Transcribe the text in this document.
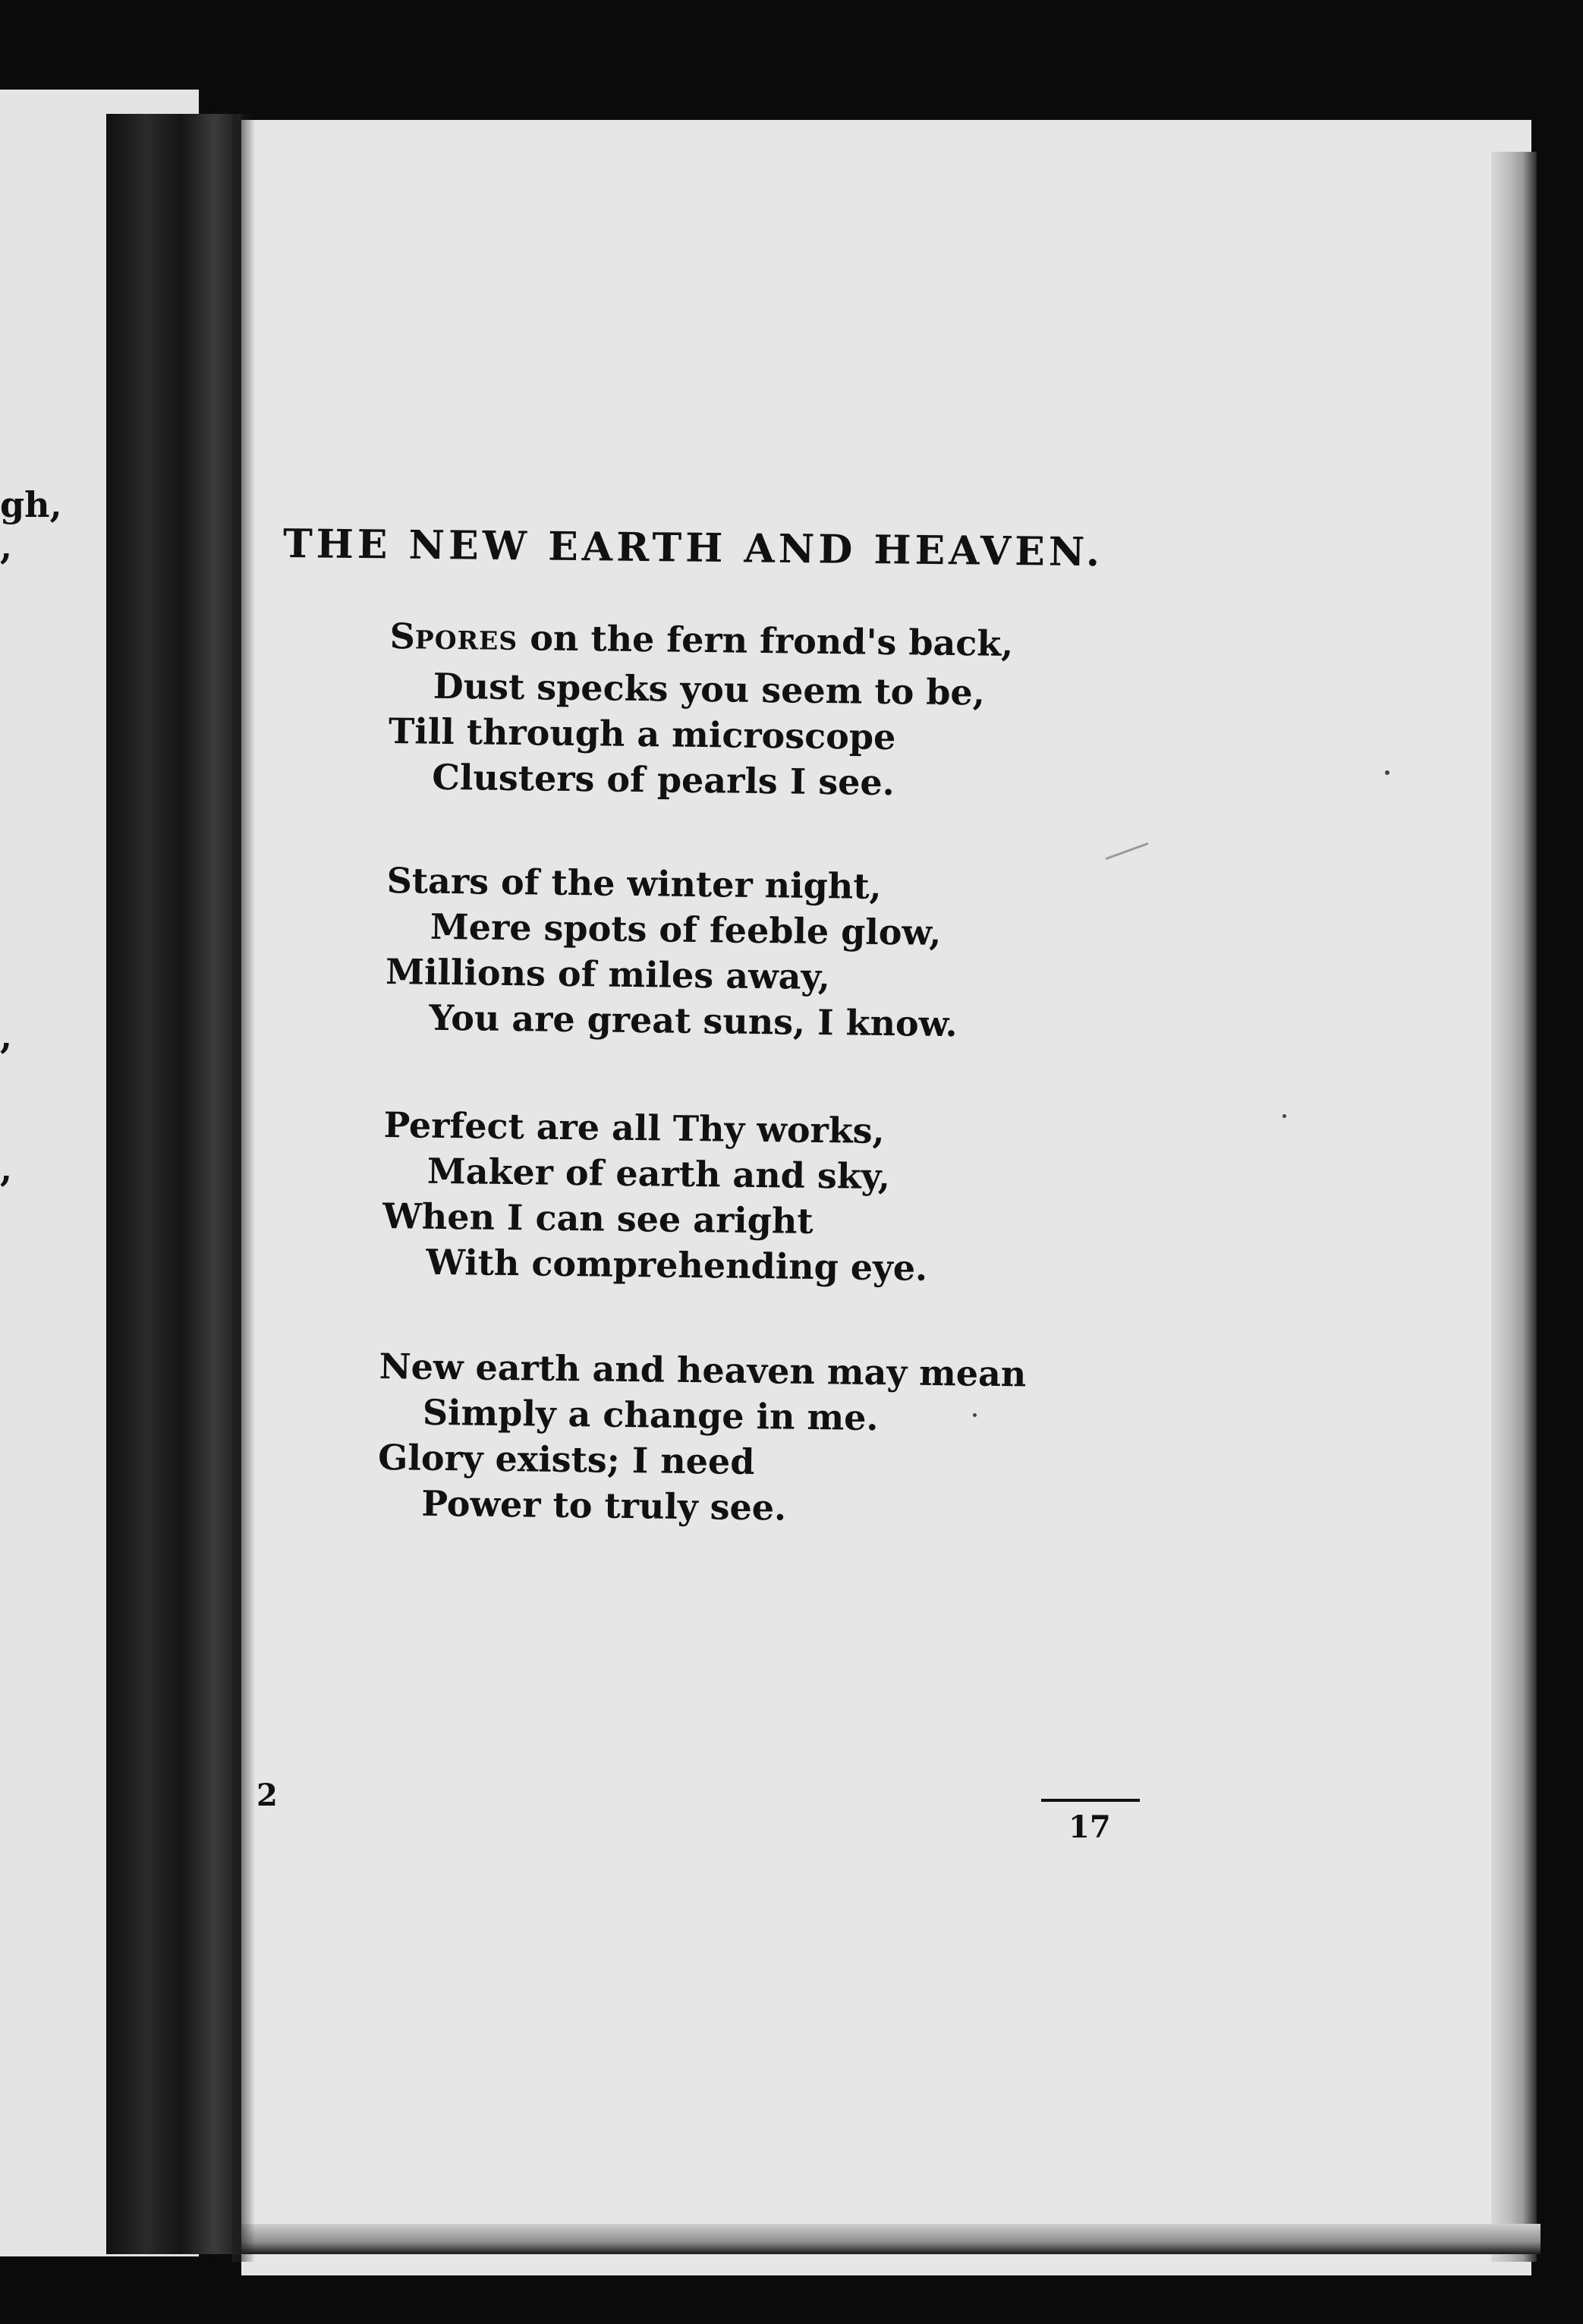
gh,
,
,
,
THE NEW EARTH AND HEAVEN.
SPORES on the fern frond's back,
Dust specks you seem to be,
Till through a microscope
Clusters of pearls I see.
Stars of the winter night,
Mere spots of feeble glow,
Millions of miles away,
You are great suns, I know.
Perfect are all Thy works,
Maker of earth and sky,
When I can see aright
With comprehending eye.
New earth and heaven may mean
Simply a change in me.
Glory exists; I need
Power to truly see.
2
17
